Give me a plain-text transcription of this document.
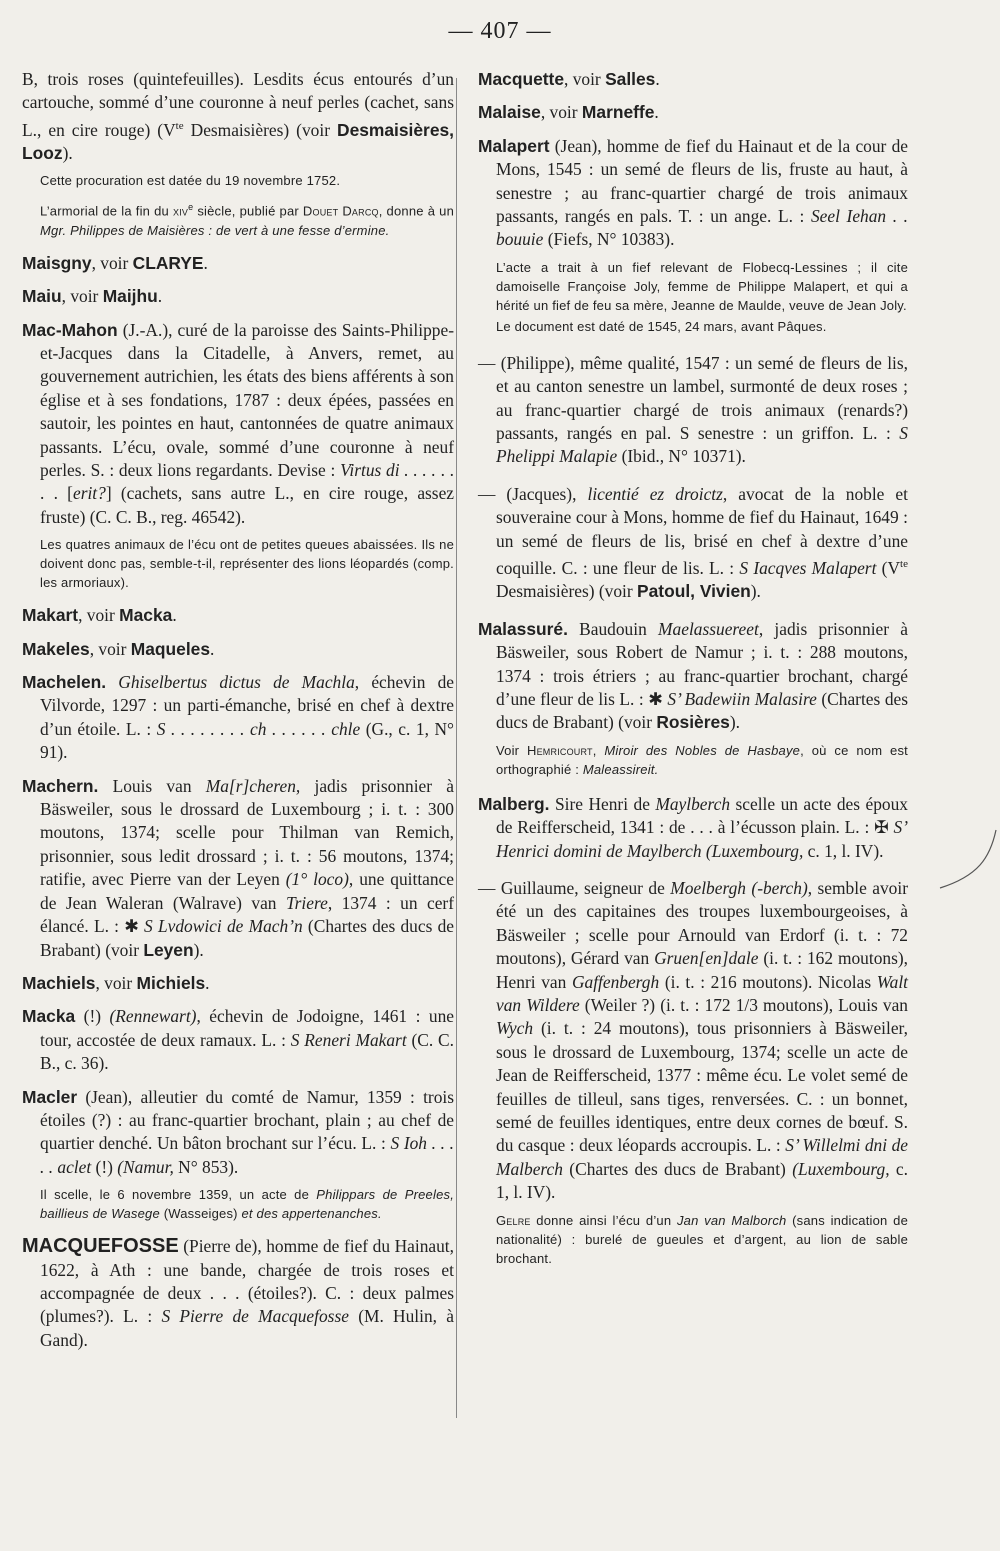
— 407 —

B, trois roses (quintefeuilles). Lesdits écus entourés d’un cartouche, sommé d’une couronne à neuf perles (cachet, sans L., en cire rouge) ($V^{te}$ Desmaisières) (voir Desmaisières, Looz).

Cette procuration est datée du 19 novembre 1752.

L’armorial de la fin du xiv$^e$ siècle, publié par Douet Darcq, donne à un Mgr. Philippes de Maisières : de vert à une fesse d’ermine.

Maisgny, voir CLARYE.

Maiu, voir Maijhu.

Mac-Mahon (J.-A.), curé de la paroisse des Saints-Philippe-et-Jacques dans la Citadelle, à Anvers, remet, au gouvernement autrichien, les états des biens afférents à son église et à ses fondations, 1787 : deux épées, passées en sautoir, les pointes en haut, cantonnées de quatre animaux passants. L’écu, ovale, sommé d’une couronne à neuf perles. S. : deux lions regardants. Devise : Virtus di . . . . . . . . [erit?] (cachets, sans autre L., en cire rouge, assez fruste) (C. C. B., reg. 46542).

Les quatres animaux de l’écu ont de petites queues abaissées. Ils ne doivent donc pas, semble-t-il, représenter des lions léopardés (comp. les armoriaux).

Makart, voir Macka.

Makeles, voir Maqueles.

Machelen. Ghiselbertus dictus de Machla, échevin de Vilvorde, 1297 : un parti-émanche, brisé en chef à dextre d’un étoile. L. : S . . . . . . . . ch . . . . . . chle (G., c. 1, N° 91).

Machern. Louis van Ma[r]cheren, jadis prisonnier à Bäsweiler, sous le drossard de Luxembourg ; i. t. : 300 moutons, 1374; scelle pour Thilman van Remich, prisonnier, sous ledit drossard ; i. t. : 56 moutons, 1374; ratifie, avec Pierre van der Leyen (1° loco), une quittance de Jean Waleran (Walrave) van Triere, 1374 : un cerf élancé. L. : ✱ S Lvdowici de Mach’n (Chartes des ducs de Brabant) (voir Leyen).

Machiels, voir Michiels.

Macka (!) (Rennewart), échevin de Jodoigne, 1461 : une tour, accostée de deux ramaux. L. : S Reneri Makart (C. C. B., c. 36).

Macler (Jean), alleutier du comté de Namur, 1359 : trois étoiles (?) : au franc-quartier brochant, plain ; au chef de quartier denché. Un bâton brochant sur l’écu. L. : S Ioh . . . . . aclet (!) (Namur, N° 853).

Il scelle, le 6 novembre 1359, un acte de Philippars de Preeles, baillieus de Wasege (Wasseiges) et des appertenanches.

MACQUEFOSSE (Pierre de), homme de fief du Hainaut, 1622, à Ath : une bande, chargée de trois roses et accompagnée de deux . . . (étoiles?). C. : deux palmes (plumes?). L. : S Pierre de Macquefosse (M. Hulin, à Gand).

Macquette, voir Salles.

Malaise, voir Marneffe.

Malapert (Jean), homme de fief du Hainaut et de la cour de Mons, 1545 : un semé de fleurs de lis, fruste au haut, à senestre ; au franc-quartier chargé de trois animaux passants, rangés en pals. T. : un ange. L. : Seel Iehan . . bouuie (Fiefs, N° 10383).

L’acte a trait à un fief relevant de Flobecq-Lessines ; il cite damoiselle Françoise Joly, femme de Philippe Malapert, et qui a hérité un fief de feu sa mère, Jeanne de Maulde, veuve de Jean Joly.

Le document est daté de 1545, 24 mars, avant Pâques.

— (Philippe), même qualité, 1547 : un semé de fleurs de lis, et au canton senestre un lambel, surmonté de deux roses ; au franc-quartier chargé de trois animaux (renards?) passants, rangés en pal. S senestre : un griffon. L. : S Phelippi Malapie (Ibid., N° 10371).

— (Jacques), licentié ez droictz, avocat de la noble et souveraine cour à Mons, homme de fief du Hainaut, 1649 : un semé de fleurs de lis, brisé en chef à dextre d’une coquille. C. : une fleur de lis. L. : S Iacqves Malapert ($V^{te}$ Desmaisières) (voir Patoul, Vivien).

Malassuré. Baudouin Maelassuereet, jadis prisonnier à Bäsweiler, sous Robert de Namur ; i. t. : 288 moutons, 1374 : trois étriers ; au franc-quartier brochant, chargé d’une fleur de lis L. : ✱ S’ Badewiin Malasire (Chartes des ducs de Brabant) (voir Rosières).

Voir Hemricourt, Miroir des Nobles de Hasbaye, où ce nom est orthographié : Maleassireit.

Malberg. Sire Henri de Maylberch scelle un acte des époux de Reifferscheid, 1341 : de . . . à l’écusson plain. L. : ✠ S’ Henrici domini de Maylberch (Luxembourg, c. 1, l. IV).

— Guillaume, seigneur de Moelbergh (-berch), semble avoir été un des capitaines des troupes luxembourgeoises, à Bäsweiler ; scelle pour Arnould van Erdorf (i. t. : 72 moutons), Gérard van Gruen[en]dale (i. t. : 162 moutons), Henri van Gaffenbergh (i. t. : 216 moutons). Nicolas Walt van Wildere (Weiler ?) (i. t. : 172 1/3 moutons), Louis van Wych (i. t. : 24 moutons), tous prisonniers à Bäsweiler, sous le drossard de Luxembourg, 1374; scelle un acte de Jean de Reifferscheid, 1377 : même écu. Le volet semé de feuilles de tilleul, sans tiges, renversées. C. : un bonnet, semé de feuilles identiques, entre deux cornes de bœuf. S. du casque : deux léopards accroupis. L. : S’ Willelmi dni de Malberch (Chartes des ducs de Brabant) (Luxembourg, c. 1, l. IV).

Gelre donne ainsi l’écu d’un Jan van Malborch (sans indication de nationalité) : burelé de gueules et d’argent, au lion de sable brochant.
